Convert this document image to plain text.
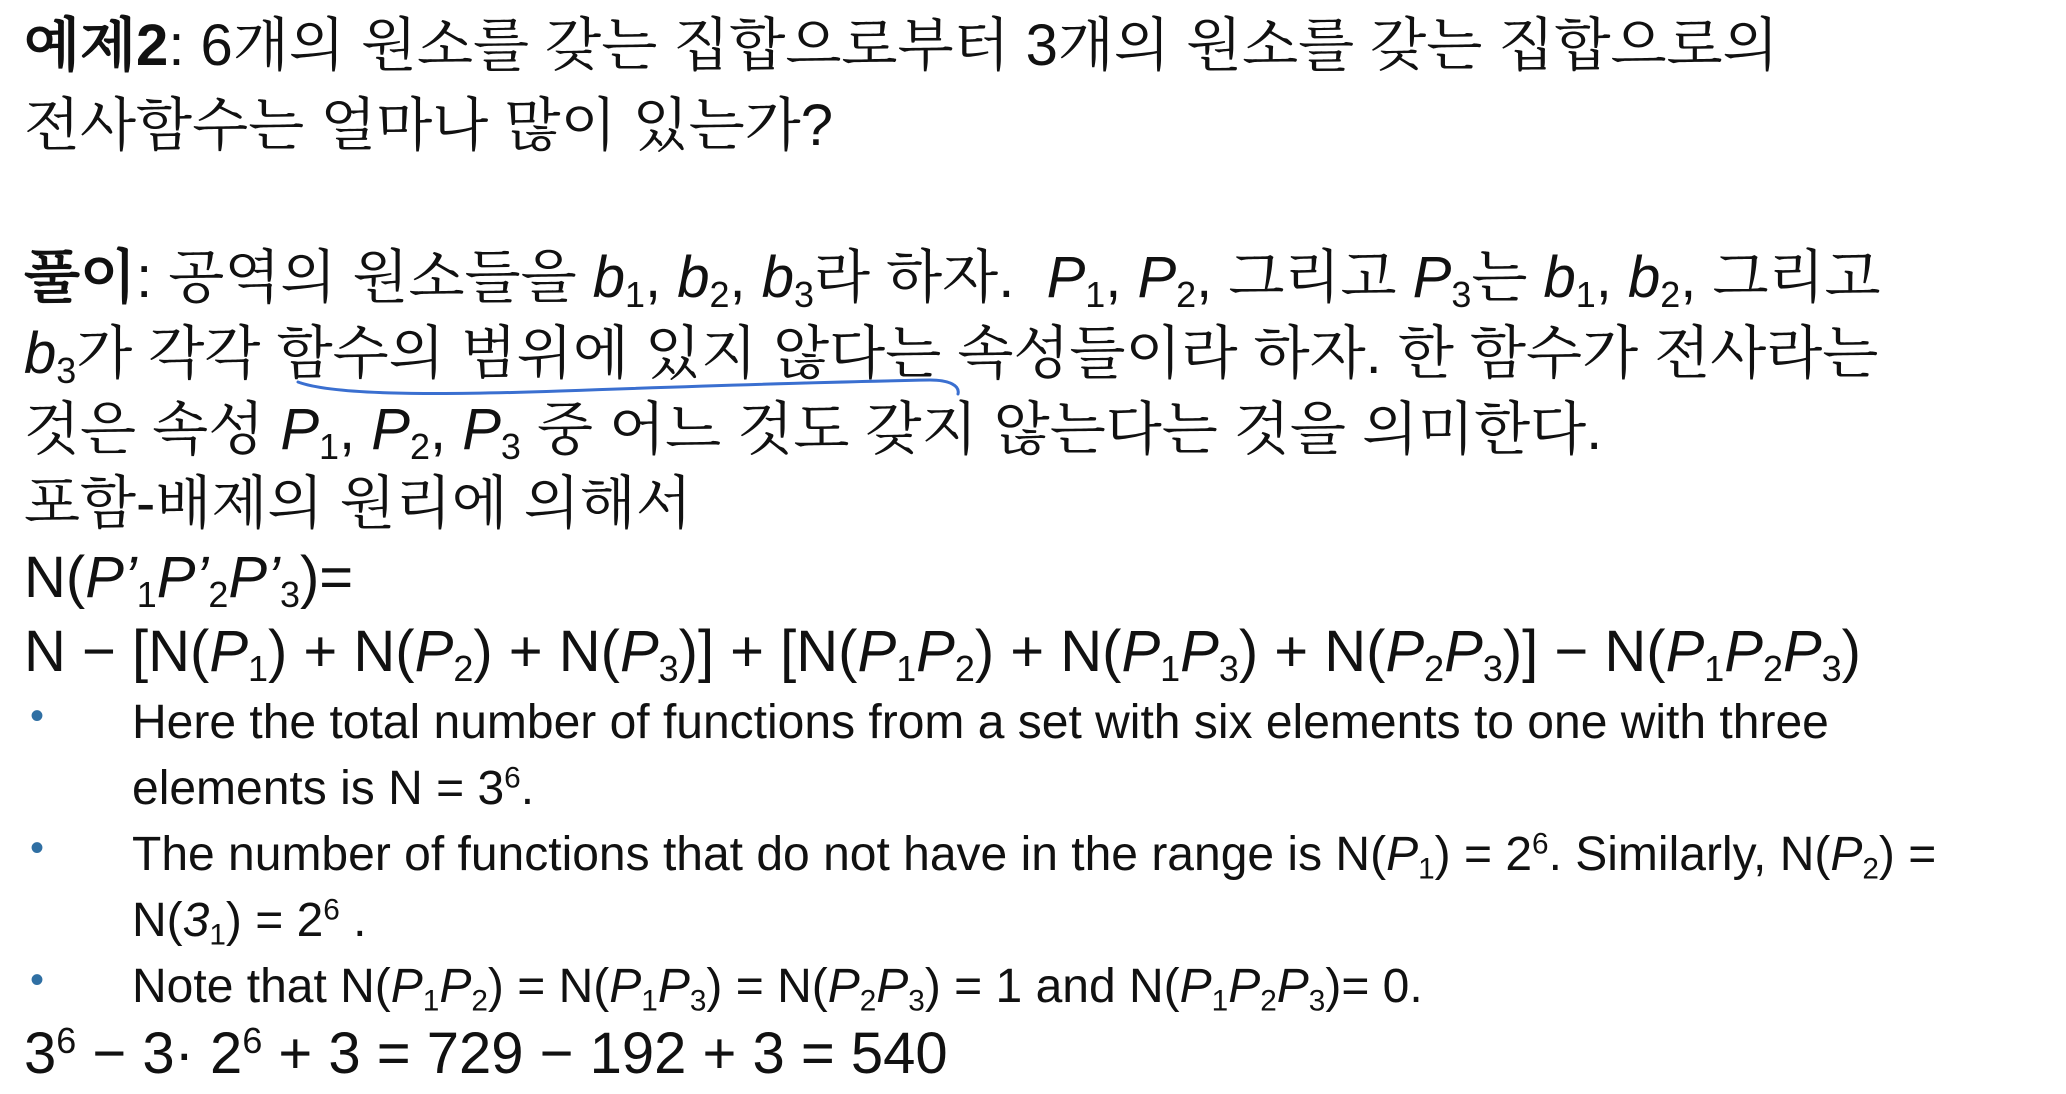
예제2: 6개의 원소를 갖는 집합으로부터 3개의 원소를 갖는 집합으로의
전사함수는 얼마나 많이 있는가?
풀이: 공역의 원소들을 $b_1$, $b_2$, $b_3$라 하자. $P_1$, $P_2$, 그리고 $P_3$는 $b_1$, $b_2$, 그리고
$b_3$가 각각 함수의 범위에 있지 않다는 속성들이라 하자. 한 함수가 전사라는
것은 속성 $P_1$, $P_2$, $P_3$ 중 어느 것도 갖지 않는다는 것을 의미한다.
포함-배제의 원리에 의해서
$N(P’_1P’_2P’_3)=$
$N - [N(P_1) + N(P_2) + N(P_3)] + [N(P_1P_2) + N(P_1P_3) + N(P_2P_3)] - N(P_1P_2P_3)$
• Here the total number of functions from a set with six elements to one with three
elements is $N = 3^6$.
• The number of functions that do not have in the range is $N(P_1) = 2^6$. Similarly, $N(P_2)$ =
$N(3_1) = 2^6$ .
• Note that $N(P_1P_2) = N(P_1P_3) = N(P_2P_3) = 1$ and $N(P_1P_2P_3)= 0$.
$3^6 - 3\cdot 2^6 + 3 = 729 - 192 + 3 = 540$
